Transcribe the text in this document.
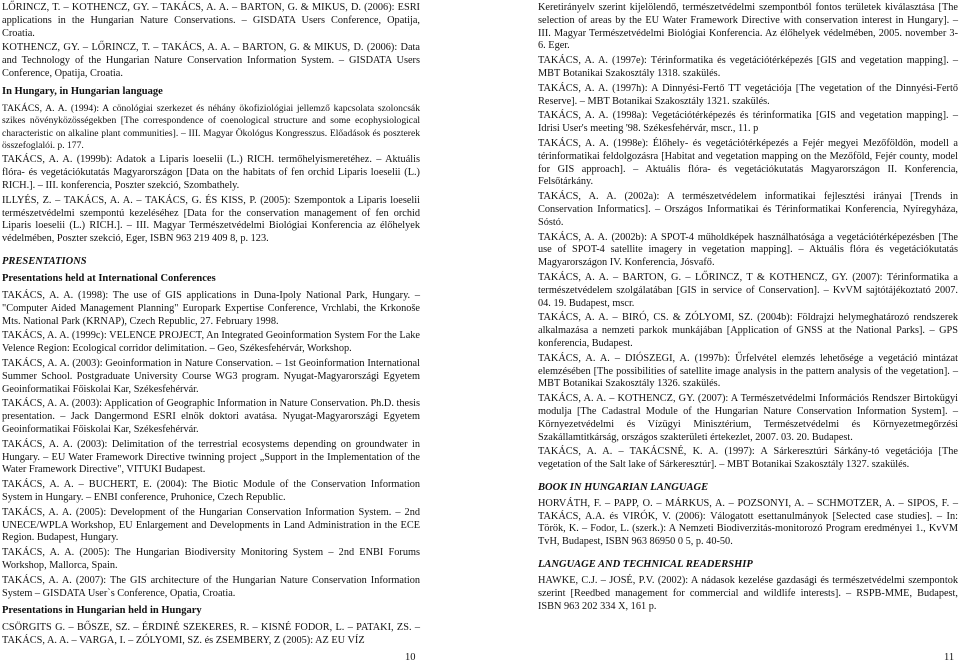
LŐRINCZ, T. – KOTHENCZ, GY. – TAKÁCS, A. A. – BARTON, G. & MIKUS, D. (2006): ESRI applications in the Hungarian Nature Conservations. – GISDATA Users Conference, Opatija, Croatia.

KOTHENCZ, GY. – LŐRINCZ, T. – TAKÁCS, A. A. – BARTON, G. & MIKUS, D. (2006): Data and Technology of the Hungarian Nature Conservation Information System. – GISDATA Users Conference, Opatija, Croatia.

In Hungary, in Hungarian language

TAKÁCS, A. A. (1994): A cönológiai szerkezet és néhány ökofiziológiai jellemző kapcsolata szoloncsák szikes növényközösségekben [The correspondence of coenological structure and some ecophysiological characteristic on alkaline plant communities]. – III. Magyar Ökológus Kongresszus. Előadások és poszterek összefoglalói. p. 177.

TAKÁCS, A. A. (1999b): Adatok a Liparis loeselii (L.) RICH. termőhelyismeretéhez. – Aktuális flóra- és vegetációkutatás Magyarországon [Data on the habitats of fen orchid Liparis loeselii (L.) RICH.]. – III. konferencia, Poszter szekció, Szombathely.

ILLYÉS, Z. – TAKÁCS, A. A. – TAKÁCS, G. ÉS KISS, P. (2005): Szempontok a Liparis loeselii természetvédelmi szempontú kezeléséhez [Data for the conservation management of fen orchid Liparis loeselii (L.) RICH.]. – III. Magyar Természetvédelmi Biológiai Konferencia az élőhelyek védelmében, Poszter szekció, Eger, ISBN 963 219 409 8, p. 123.

PRESENTATIONS
Presentations held at International Conferences

TAKÁCS, A. A. (1998): The use of GIS applications in Duna-Ipoly National Park, Hungary. – "Computer Aided Management Planning" Europark Expertise Conference, Vrchlabi, the Krkonoše Mts. National Park (KRNAP), Czech Republic, 27. February 1998.

TAKÁCS, A. A. (1999c): VELENCE PROJECT, An Integrated Geoinformation System For the Lake Velence Region: Ecological corridor delimitation. – Geo, Székesfehérvár, Workshop.

TAKÁCS, A. A. (2003): Geoinformation in Nature Conservation. – 1st Geoinformation International Summer School. Postgraduate University Course WG3 program. Nyugat-Magyarországi Egyetem Geoinformatikai Főiskolai Kar, Székesfehérvár.

TAKÁCS, A. A. (2003): Application of Geographic Information in Nature Conservation. Ph.D. thesis presentation. – Jack Dangermond ESRI elnök doktori avatása. Nyugat-Magyarországi Egyetem Geoinformatikai Főiskolai Kar, Székesfehérvár.

TAKÁCS, A. A. (2003): Delimitation of the terrestrial ecosystems depending on groundwater in Hungary. – EU Water Framework Directive twinning project „Support in the Implementation of the Water Framework Directive", VITUKI Budapest.

TAKÁCS, A. A. – BUCHERT, E. (2004): The Biotic Module of the Conservation Information System in Hungary. – ENBI conference, Pruhonice, Czech Republic.

TAKÁCS, A. A. (2005): Development of the Hungarian Conservation Information System. – 2nd UNECE/WPLA Workshop, EU Enlargement and Developments in Land Administration in the ECE Region. Budapest, Hungary.

TAKÁCS, A. A. (2005): The Hungarian Biodiversity Monitoring System – 2nd ENBI Forums Workshop, Mallorca, Spain.

TAKÁCS, A. A. (2007): The GIS architecture of the Hungarian Nature Conservation Information System – GISDATA User`s Conference, Opatia, Croatia.

Presentations in Hungarian held in Hungary

CSÖRGITS G. – BŐSZE, SZ. – ÉRDINÉ SZEKERES, R. – KISNÉ FODOR, L. – PATAKI, ZS. – TAKÁCS, A. A. – VARGA, I. – ZÓLYOMI, SZ. és ZSEMBERY, Z (2005): AZ EU VÍZ

10

Keretirányelv szerint kijelölendő, természetvédelmi szempontból fontos területek kiválasztása [The selection of areas by the EU Water Framework Directive with conservation interest in Hungary]. – III. Magyar Természetvédelmi Biológiai Konferencia. Az élőhelyek védelmében, 2005. november 3-6. Eger.

TAKÁCS, A. A. (1997e): Térinformatika és vegetációtérképezés [GIS and vegetation mapping]. – MBT Botanikai Szakosztály 1318. szakülés.

TAKÁCS, A. A. (1997h): A Dinnyési-Fertő TT vegetációja [The vegetation of the Dinnyési-Fertő Reserve]. – MBT Botanikai Szakosztály 1321. szakülés.

TAKÁCS, A. A. (1998a): Vegetációtérképezés és térinformatika [GIS and vegetation mapping]. – Idrisi User's meeting '98. Székesfehérvár, mscr., 11. p

TAKÁCS, A. A. (1998e): Élőhely- és vegetációtérképezés a Fejér megyei Mezőföldön, modell a térinformatikai feldolgozásra [Habitat and vegetation mapping on the Mezőföld, Fejér county, model for GIS approach]. – Aktuális flóra- és vegetációkutatás Magyarországon II. Konferencia, Felsőtárkány.

TAKÁCS, A. A. (2002a): A természetvédelem informatikai fejlesztési irányai [Trends in Conservation Informatics]. – Országos Informatikai és Térinformatikai Konferencia, Nyíregyháza, Sóstó.

TAKÁCS, A. A. (2002b): A SPOT-4 műholdképek használhatósága a vegetációtérképezésben [The use of SPOT-4 satellite imagery in vegetation mapping]. – Aktuális flóra és vegetációkutatás Magyarországon IV. Konferencia, Jósvafő.

TAKÁCS, A. A. – BARTON, G. – LŐRINCZ, T & KOTHENCZ, GY. (2007): Térinformatika a természetvédelem szolgálatában [GIS in service of Conservation]. – KvVM sajtótájékoztató 2007. 04. 19. Budapest, mscr.

TAKÁCS, A. A. – BIRÓ, CS. & ZÓLYOMI, SZ. (2004b): Földrajzi helymeghatározó rendszerek alkalmazása a nemzeti parkok munkájában [Application of GNSS at the National Parks]. – GPS konferencia, Budapest.

TAKÁCS, A. A. – DIÓSZEGI, A. (1997b): Űrfelvétel elemzés lehetősége a vegetáció mintázat elemzésében [The possibilities of satellite image analysis in the pattern analysis of the vegetation]. – MBT Botanikai Szakosztály 1326. szakülés.

TAKÁCS, A. A. – KOTHENCZ, GY. (2007): A Természetvédelmi Információs Rendszer Birtokügyi modulja [The Cadastral Module of the Hungarian Nature Conservation Information System]. – Környezetvédelmi és Vízügyi Minisztérium, Természetvédelmi és Környezetmegőrzési Szakállamtitkárság, országos szakterületi értekezlet, 2007. 03. 20. Budapest.

TAKÁCS, A. A. – TAKÁCSNÉ, K. A. (1997): A Sárkeresztúri Sárkány-tó vegetációja [The vegetation of the Salt lake of Sárkeresztúr]. – MBT Botanikai Szakosztály 1327. szakülés.

BOOK IN HUNGARIAN LANGUAGE

HORVÁTH, F. – PAPP, O. – MÁRKUS, A. – POZSONYI, A. – SCHMOTZER, A. – SIPOS, F. – TAKÁCS, A.A. és VIRÓK, V. (2006): Válogatott esettanulmányok [Selected case studies]. – In: Török, K. – Fodor, L. (szerk.): A Nemzeti Biodiverzitás-monitorozó Program eredményei 1., KvVM TvH, Budapest, ISBN 963 86950 0 5, p. 40-50.

LANGUAGE AND TECHNICAL READERSHIP

HAWKE, C.J. – JOSÉ, P.V. (2002): A nádasok kezelése gazdasági és természetvédelmi szempontok szerint [Reedbed management for commercial and wildlife interests]. – RSPB-MME, Budapest, ISBN 963 202 334 X, 161 p.

11
